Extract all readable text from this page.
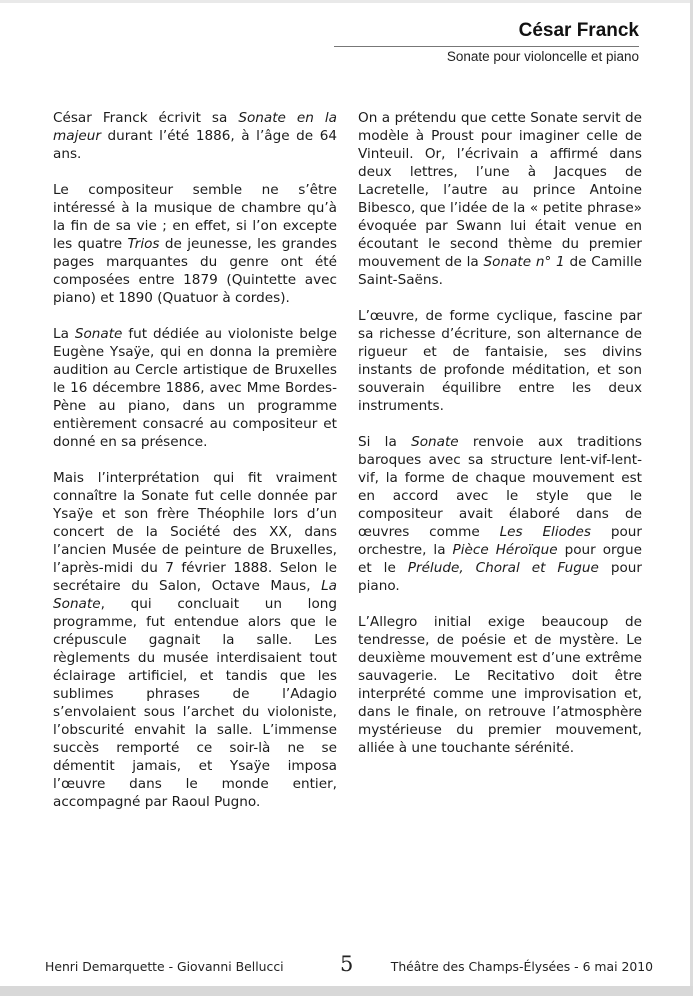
César Franck
Sonate pour violoncelle et piano

César Franck écrivit sa Sonate en la majeur durant l’été 1886, à l’âge de 64 ans.

Le compositeur semble ne s’être intéressé à la musique de chambre qu’à la fin de sa vie ; en effet, si l’on excepte les quatre Trios de jeunesse, les grandes pages marquantes du genre ont été composées entre 1879 (Quintette avec piano) et 1890 (Quatuor à cordes).

La Sonate fut dédiée au violoniste belge Eugène Ysaÿe, qui en donna la première audition au Cercle artistique de Bruxelles le 16 décembre 1886, avec Mme Bordes-Pène au piano, dans un programme entièrement consacré au compositeur et donné en sa présence.

Mais l’interprétation qui fit vraiment connaître la Sonate fut celle donnée par Ysaÿe et son frère Théophile lors d’un concert de la Société des XX, dans l’ancien Musée de peinture de Bruxelles, l’après-midi du 7 février 1888. Selon le secrétaire du Salon, Octave Maus, La Sonate, qui concluait un long programme, fut entendue alors que le crépuscule gagnait la salle. Les règlements du musée interdisaient tout éclairage artificiel, et tandis que les sublimes phrases de l’Adagio s’envolaient sous l’archet du violoniste, l’obscurité envahit la salle. L’immense succès remporté ce soir-là ne se démentit jamais, et Ysaÿe imposa l’œuvre dans le monde entier, accompagné par Raoul Pugno.

On a prétendu que cette Sonate servit de modèle à Proust pour imaginer celle de Vinteuil. Or, l’écrivain a affirmé dans deux lettres, l’une à Jacques de Lacretelle, l’autre au prince Antoine Bibesco, que l’idée de la « petite phrase» évoquée par Swann lui était venue en écoutant le second thème du premier mouvement de la Sonate n° 1 de Camille Saint-Saëns.

L’œuvre, de forme cyclique, fascine par sa richesse d’écriture, son alternance de rigueur et de fantaisie, ses divins instants de profonde méditation, et son souverain équilibre entre les deux instruments.

Si la Sonate renvoie aux traditions baroques avec sa structure lent-vif-lent-vif, la forme de chaque mouvement est en accord avec le style que le compositeur avait élaboré dans de œuvres comme Les Eliodes pour orchestre, la Pièce Héroïque pour orgue et le Prélude, Choral et Fugue pour piano.

L’Allegro initial exige beaucoup de tendresse, de poésie et de mystère. Le deuxième mouvement est d’une extrême sauvagerie. Le Recitativo doit être interprété comme une improvisation et, dans le finale, on retrouve l’atmosphère mystérieuse du premier mouvement, alliée à une touchante sérénité.

Henri Demarquette - Giovanni Bellucci	5	Théâtre des Champs-Élysées - 6 mai 2010
